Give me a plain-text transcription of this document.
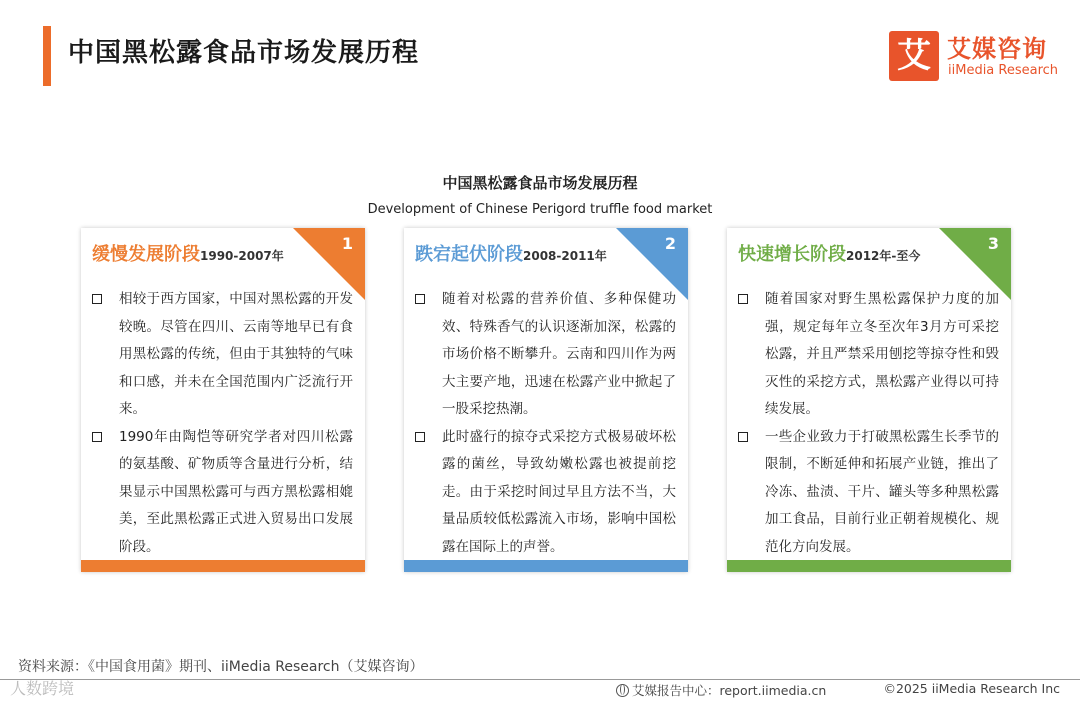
中国黑松露食品市场发展历程	艾 艾媒咨询
iiMedia Research
中国黑松露食品市场发展历程
Development of Chinese Perigord truffle food market
1
缓慢发展阶段1990-2007年
相较于西方国家，中国对黑松露的开发较晚。尽管在四川、云南等地早已有食用黑松露的传统，但由于其独特的气味和口感，并未在全国范围内广泛流行开来。
1990年由陶恺等研究学者对四川松露的氨基酸、矿物质等含量进行分析，结果显示中国黑松露可与西方黑松露相媲美，至此黑松露正式进入贸易出口发展阶段。
2
跌宕起伏阶段2008-2011年
随着对松露的营养价值、多种保健功效、特殊香气的认识逐渐加深，松露的市场价格不断攀升。云南和四川作为两大主要产地，迅速在松露产业中掀起了一股采挖热潮。
此时盛行的掠夺式采挖方式极易破坏松露的菌丝，导致幼嫩松露也被提前挖走。由于采挖时间过早且方法不当，大量品质较低松露流入市场，影响中国松露在国际上的声誉。
3
快速增长阶段2012年-至今
随着国家对野生黑松露保护力度的加强，规定每年立冬至次年3月方可采挖松露，并且严禁采用刨挖等掠夺性和毁灭性的采挖方式，黑松露产业得以可持续发展。
一些企业致力于打破黑松露生长季节的限制，不断延伸和拓展产业链，推出了冷冻、盐渍、干片、罐头等多种黑松露加工食品，目前行业正朝着规模化、规范化方向发展。
资料来源：《中国食用菌》期刊、iiMedia Research（艾媒咨询）
人数跨境	艾媒报告中心：report.iimedia.cn	©2025 iiMedia Research Inc
